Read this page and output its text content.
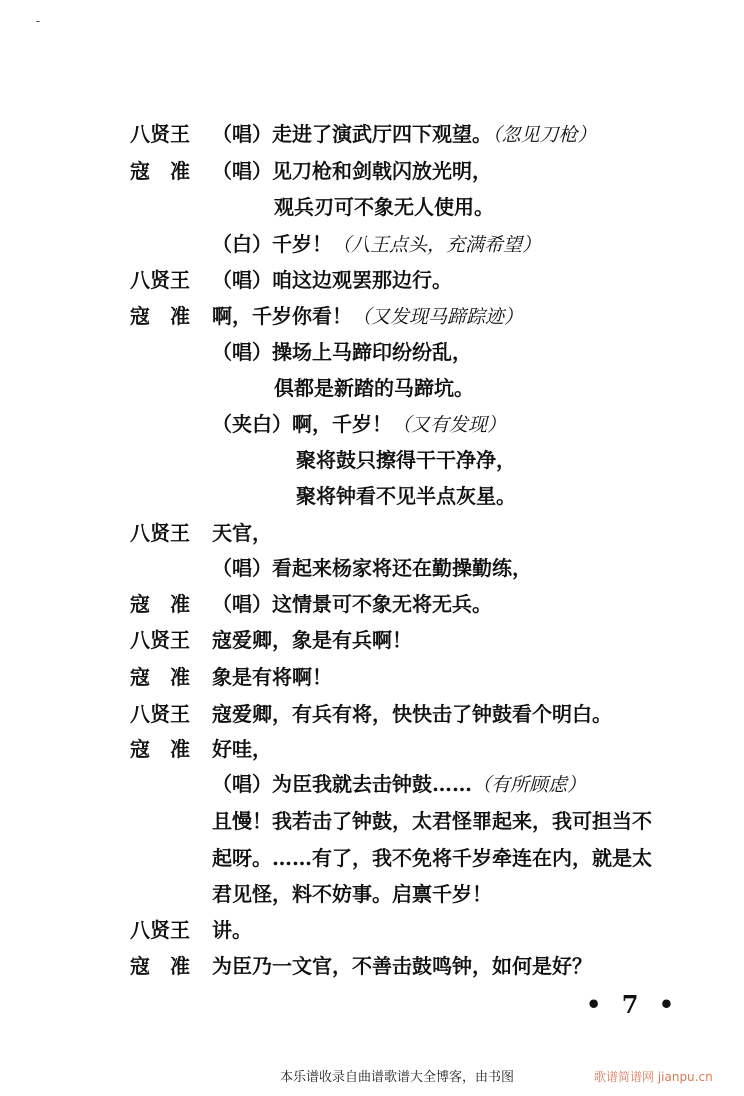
-
八贤王	（唱）走进了演武厅四下观望。（忽见刀枪）
寇　准	（唱）见刀枪和剑戟闪放光明，
观兵刃可不象无人使用。
（白）千岁！（八王点头，充满希望）
八贤王	（唱）咱这边观罢那边行。
寇　准	啊，千岁你看！（又发现马蹄踪迹）
（唱）操场上马蹄印纷纷乱，
俱都是新踏的马蹄坑。
（夹白）啊，千岁！（又有发现）
聚将鼓只擦得干干净净，
聚将钟看不见半点灰星。
八贤王	天官，
（唱）看起来杨家将还在勤操勤练，
寇　准	（唱）这情景可不象无将无兵。
八贤王	寇爱卿，象是有兵啊！
寇　准	象是有将啊！
八贤王	寇爱卿，有兵有将，快快击了钟鼓看个明白。
寇　准	好哇，
（唱）为臣我就去击钟鼓……（有所顾虑）
且慢！我若击了钟鼓，太君怪罪起来，我可担当不
起呀。……有了，我不免将千岁牵连在内，就是太
君见怪，料不妨事。启禀千岁！
八贤王	讲。
寇　准	为臣乃一文官，不善击鼓鸣钟，如何是好？
• 7 •
本乐谱收录自曲谱歌谱大全博客，由书图	歌谱简谱网 jianpu.cn
